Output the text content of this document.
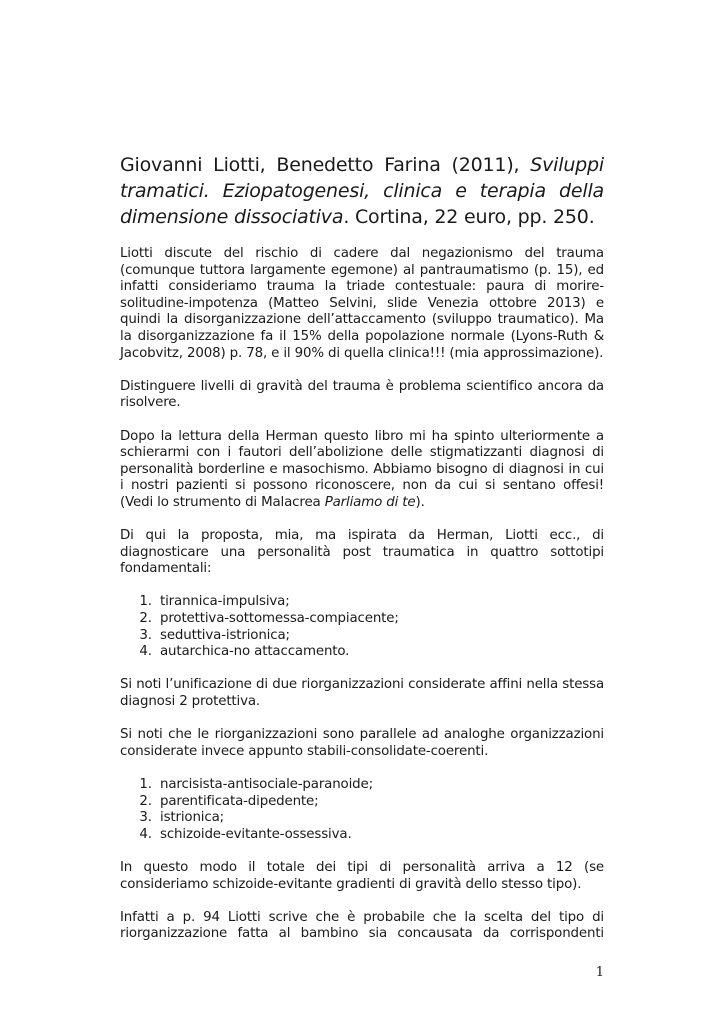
Giovanni Liotti, Benedetto Farina (2011), Sviluppi tramatici. Eziopatogenesi, clinica e terapia della dimensione dissociativa. Cortina, 22 euro, pp. 250.

Liotti discute del rischio di cadere dal negazionismo del trauma (comunque tuttora largamente egemone) al pantraumatismo (p. 15), ed infatti consideriamo trauma la triade contestuale: paura di morire-solitudine-impotenza (Matteo Selvini, slide Venezia ottobre 2013) e quindi la disorganizzazione dell’attaccamento (sviluppo traumatico). Ma la disorganizzazione fa il 15% della popolazione normale (Lyons-Ruth & Jacobvitz, 2008) p. 78, e il 90% di quella clinica!!! (mia approssimazione).

Distinguere livelli di gravità del trauma è problema scientifico ancora da risolvere.

Dopo la lettura della Herman questo libro mi ha spinto ulteriormente a schierarmi con i fautori dell’abolizione delle stigmatizzanti diagnosi di personalità borderline e masochismo. Abbiamo bisogno di diagnosi in cui i nostri pazienti si possono riconoscere, non da cui si sentano offesi! (Vedi lo strumento di Malacrea Parliamo di te).

Di qui la proposta, mia, ma ispirata da Herman, Liotti ecc., di diagnosticare una personalità post traumatica in quattro sottotipi fondamentali:

1. tirannica-impulsiva;
2. protettiva-sottomessa-compiacente;
3. seduttiva-istrionica;
4. autarchica-no attaccamento.

Si noti l’unificazione di due riorganizzazioni considerate affini nella stessa diagnosi 2 protettiva.

Si noti che le riorganizzazioni sono parallele ad analoghe organizzazioni considerate invece appunto stabili-consolidate-coerenti.

1. narcisista-antisociale-paranoide;
2. parentificata-dipedente;
3. istrionica;
4. schizoide-evitante-ossessiva.

In questo modo il totale dei tipi di personalità arriva a 12 (se consideriamo schizoide-evitante gradienti di gravità dello stesso tipo).

Infatti a p. 94 Liotti scrive che è probabile che la scelta del tipo di riorganizzazione fatta al bambino sia concausata da corrispondenti

1
